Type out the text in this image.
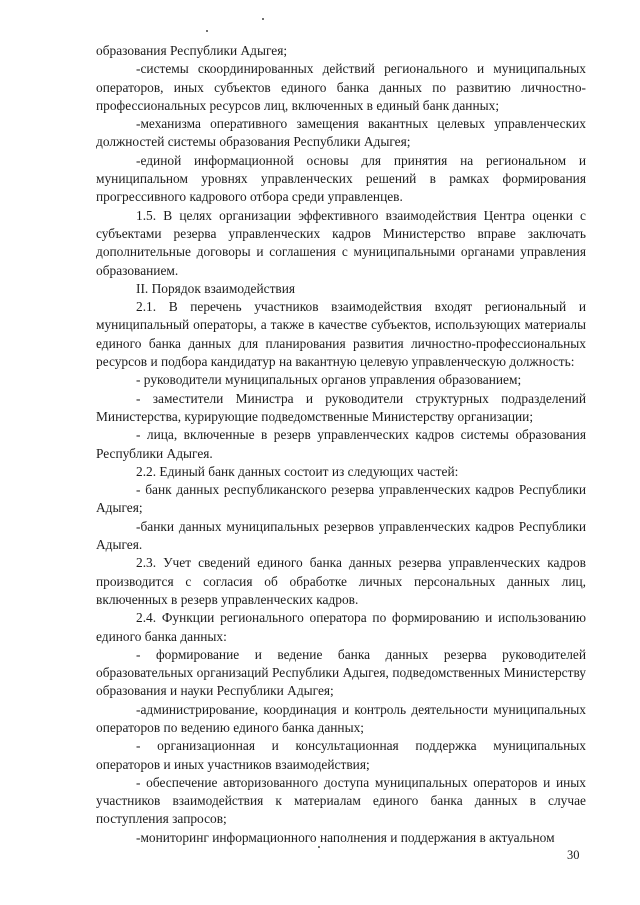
образования Республики Адыгея;

-системы скоординированных действий регионального и муниципальных операторов, иных субъектов единого банка данных по развитию личностно-профессиональных ресурсов лиц, включенных в единый банк данных;

-механизма оперативного замещения вакантных целевых управленческих должностей системы образования Республики Адыгея;

-единой информационной основы для принятия на региональном и муниципальном уровнях управленческих решений в рамках формирования прогрессивного кадрового отбора среди управленцев.

1.5. В целях организации эффективного взаимодействия Центра оценки с субъектами резерва управленческих кадров Министерство вправе заключать дополнительные договоры и соглашения с муниципальными органами управления образованием.

II. Порядок взаимодействия

2.1. В перечень участников взаимодействия входят региональный и муниципальный операторы, а также в качестве субъектов, использующих материалы единого банка данных для планирования развития личностно-профессиональных ресурсов и подбора кандидатур на вакантную целевую управленческую должность:

- руководители муниципальных органов управления образованием;

- заместители Министра и руководители структурных подразделений Министерства, курирующие подведомственные Министерству организации;

- лица, включенные в резерв управленческих кадров системы образования Республики Адыгея.

2.2. Единый банк данных состоит из следующих частей:

- банк данных республиканского резерва управленческих кадров Республики Адыгея;

-банки данных муниципальных резервов управленческих кадров Республики Адыгея.

2.3. Учет сведений единого банка данных резерва управленческих кадров производится с согласия об обработке личных персональных данных лиц, включенных в резерв управленческих кадров.

2.4. Функции регионального оператора по формированию и использованию единого банка данных:

- формирование и ведение банка данных резерва руководителей образовательных организаций Республики Адыгея, подведомственных Министерству образования и науки Республики Адыгея;

-администрирование, координация и контроль деятельности муниципальных операторов по ведению единого банка данных;

- организационная и консультационная поддержка муниципальных операторов и иных участников взаимодействия;

- обеспечение авторизованного доступа муниципальных операторов и иных участников взаимодействия к материалам единого банка данных в случае поступления запросов;

-мониторинг информационного наполнения и поддержания в актуальном

30
